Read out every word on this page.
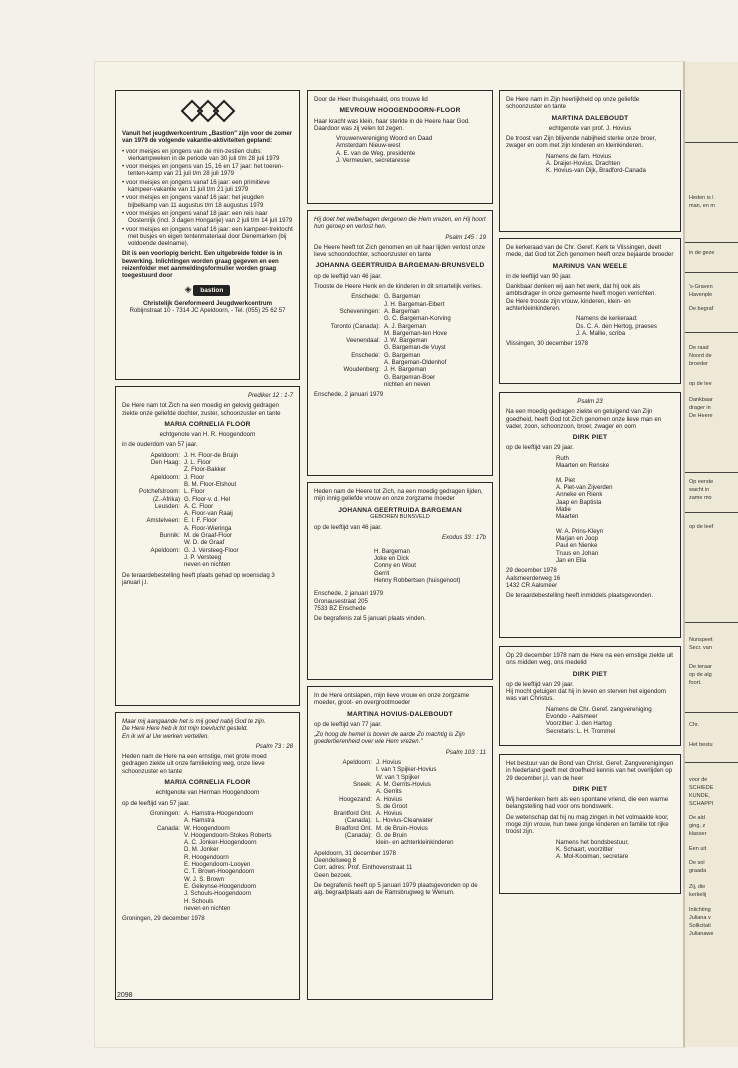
Vanuit het jeugdwerkcentrum „Bastion" zijn voor de zomer van 1979 de volgende vakantie-aktiviteiten gepland:

• voor meisjes en jongens van de min-zestien clubs: vierkampweken in de periode van 30 juli t/m 28 juli 1979
• voor meisjes en jongens van 15, 16 en 17 jaar: het toeren-tenten-kamp van 21 juli t/m 28 juli 1979
• voor meisjes en jongens vanaf 16 jaar: een primitieve kampeer-vakantie van 11 juli t/m 21 juli 1979
• voor meisjes en jongens vanaf 16 jaar: het jeugden bijbelkamp van 11 augustus t/m 18 augustus 1979
• voor meisjes en jongens vanaf 18 jaar: een reis naar Oostenrijk (incl. 3 dagen Hongarije) van 2 juli t/m 14 juli 1979
• voor meisjes en jongens vanaf 16 jaar: een kampeer-trektocht met busjes en eigen tentenmateriaal door Denemarken (bij voldoende deelname).

Dit is een voorlopig bericht. Een uitgebreide folder is in bewerking. Inlichtingen worden graag gegeven en een reizenfolder met aanmeldingsformulier worden graag toegestuurd door

◈ bastion

Christelijk Gereformeerd Jeugdwerkcentrum

Robijnstraat 10 - 7314 JC Apeldoorn, - Tel. (055) 25 62 57

Prediker 12 : 1-7

De Here nam tot Zich na een moedig en gelovig gedragen ziekte onze geliefde dochter, zuster, schoonzuster en tante

MARIA CORNELIA FLOOR

echtgenote van H. R. Hoogendoorn

in de ouderdom van 57 jaar.

Apeldoorn: J. H. Floor-de Bruijn
Den Haag: J. L. Floor
Z. Floor-Bakker
Apeldoorn: J. Floor
B. M. Floor-Elshout
Potchefstroom: L. Floor
(Z.-Afrika) G. Floor-v. d. Hel
Leusden: A. C. Floor
A. Floor-van Raaij
Amstelveen: E. I. F. Floor
A. Floor-Wieringa
Bunnik: M. de Graaf-Floor
W. D. de Graaf
Apeldoorn: G. J. Versteeg-Floor
J. P. Versteeg
neven en nichten

De teraardebestelling heeft plaats gehad op woensdag 3 januari j.l.

Maar mij aangaande het is mij goed nabij God te zijn.
De Here Here heb ik tot mijn toevlucht gesteld.
En ik wil al Uw werken vertellen.

Psalm 73 : 28

Heden nam de Here na een ernstige, met grote moed gedragen ziekte uit onze familiekring weg, onze lieve schoonzuster en tante

MARIA CORNELIA FLOOR

echtgenote van Herman Hoogendoorn

op de leeftijd van 57 jaar.

Groningen: A. Hamstra-Hoogendoorn
A. Hamstra
Canada: W. Hoogendoorn
V. Hoogendoorn-Stokes Roberts
A. C. Jonker-Hoogendoorn
D. M. Jonker
R. Hoogendoorn
E. Hoogendoorn-Looyen
C. T. Brown-Hoogendoorn
W. J. S. Brown
E. Geleynse-Hoogendoorn
J. Schouls-Hoogendoorn
H. Schouls
neven en nichten

Groningen, 29 december 1978

Door de Heer thuisgehaald, ons trouwe lid

MEVROUW HOOGENDOORN-FLOOR

Haar kracht was klein, haar sterkte in de Heere haar God.
Daardoor was zij velen tot zegen.

Vrouwenvereniging Woord en Daad
Amsterdam Nieuw-west
A. E. van de Weg, presidente
J. Vermeulen, secretaresse

Hij doet het welbehagen dergenen die Hem vrezen, en Hij hoort hun geroep en verlost hen.

Psalm 145 : 19

De Heere heeft tot Zich genomen en uit haar lijden verlost onze lieve schoondochter, schoonzuster en tante

JOHANNA GEERTRUIDA BARGEMAN-BRUNSVELD

op de leeftijd van 46 jaar.

Trooste de Heere Henk en de kinderen in dit smartelijk verlies.

Enschede: G. Bargeman
J. H. Bargeman-Elbert
Scheveningen: A. Bargeman
G. C. Bargeman-Korving
Toronto (Canada): A. J. Bargeman
M. Bargeman-ten Hove
Veenendaal: J. W. Bargeman
G. Bargeman-de Vuyst
Enschede: G. Bargeman
A. Bargeman-Oldenhof
Woudenberg: J. H. Bargeman
G. Bargeman-Boer
nichten en neven

Enschede, 2 januari 1979

Heden nam de Heere tot Zich, na een moedig gedragen lijden, mijn innig geliefde vrouw en onze zorgzame moeder

JOHANNA GEERTRUIDA BARGEMAN

GEBOREN BUNSVELD

op de leeftijd van 46 jaar.

Exodus 33 : 17b

H. Bargeman
Joke en Dick
Conny en Wout
Gerrit
Henny Robbertsen (huisgenoot)
Enschede, 2 januari 1979
Gronausestraat 205
7533 BZ Enschede

De begrafenis zal 5 januari plaats vinden.

In de Here ontslapen, mijn lieve vrouw en onze zorgzame moeder, groot- en overgrootmoeder

MARTINA HOVIUS-DALEBOUDT

op de leeftijd van 77 jaar.

„Zo hoog de hemel is boven de aarde Zo machtig is Zijn goedertierenheid over wie Hem vrezen."

Psalm 103 : 11

Apeldoorn: J. Hovius
I. van 't Spijker-Hovius
W. van 't Spijker
Sneek: A. M. Gerrits-Hovius
A. Gerrits
Hoogezand: A. Hovius
S. de Groot
Brantford Ont. A. Hovius
(Canada): L. Hovius-Clearwater
Bradford Ont. M. de Bruin-Hovius
(Canada): G. de Bruin
klein- en achterkleinkinderen
Apeldoorn, 31 december 1978
Deendelsweg 8
Corr. adres: Prof. Einthovenstraat 11
Geen bezoek.

De begrafenis heeft op 5 januari 1979 plaatsgevonden op de alg. begraafplaats aan de Ramsbrugweg te Wenum.

De Here nam in Zijn heerlijkheid op onze geliefde schoonzuster en tante

MARTINA DALEBOUDT

echtgenote van prof. J. Hovius

De troost van Zijn blijvende nabijheid sterke onze broer, zwager en oom met zijn kinderen en kleinkinderen.

Namens de fam. Hovius
A. Draijer-Hovius, Drachten
K. Hovius-van Dijk, Bradford-Canada

De kerkeraad van de Chr. Geref. Kerk te Vlissingen, deelt mede, dat God tot Zich genomen heeft onze bejaarde broeder

MARINUS VAN WEELE

in de leeftijd van 90 jaar.

Dankbaar denken wij aan het werk, dat hij ook als ambtsdrager in onze gemeente heeft mogen verrichten.
De Here trooste zijn vrouw, kinderen, klein- en achterkleinkinderen.

Namens de kerkeraad:
Ds. C. A. den Hertog, praeses
J. A. Mallie, scriba

Vlissingen, 30 december 1978

Psalm 23

Na een moedig gedragen ziekte en getuigend van Zijn goedheid, heeft God tot Zich genomen onze lieve man en vader, zoon, schoonzoon, broer, zwager en oom

DIRK PIET

op de leeftijd van 29 jaar.

Ruth
Maarten en Renske

M. Piet
A. Piet-van Zijverden
Anneke en Rienk
Jaap en Baptista
Matie
Maarten

W. A. Prins-Kleyn
Marjan en Joop
Paul en Nienke
Truus en Johan
Jan en Ella
29 december 1978
Aalsmeerderweg 16
1432 CR Aalsmeer

De teraardebestelling heeft inmiddels plaatsgevonden.

Op 29 december 1978 nam de Here na een ernstige ziekte uit ons midden weg, ons medelid

DIRK PIET

op de leeftijd van 29 jaar.

Hij mocht getuigen dat hij in leven en sterven het eigendom was van Christus.

Namens de Chr. Geref. zangvereniging
Evondo - Aalsmeer
Voorzitter: J. den Hartog
Secretaris: L. H. Trommel

Het bestuur van de Bond van Christ. Geref. Zangverenigingen in Nederland geeft met droefheid kennis van het overlijden op 29 december j.l. van de heer

DIRK PIET

Wij herdenken hem als een spontane vriend, die een warme belangstelling had voor ons bondswerk.

De wetenschap dat hij nu mag zingen in het volmaakte koor, moge zijn vrouw, hun twee jonge kinderen en familie tot rijke troost zijn.

Namens het bondsbestuur,
K. Schaart, voorzitter
A. Mol-Kooiman, secretare
2098
Heden is l
man, en m
in de geze
's-Graven
Havenple
De begraf
De raad
Noord de
broeder
op de lee
Dankbaar
drager in
De Heere
Op eerste
wacht in
zame mo
op de leef
Nunspeet
Secr. van
De teraar
op de alg
foort.
Chr.
Het bestu
voor de
SCHIEDE
KUNDE,
SCHAPPI
De ald
ging, z
klasser
Een uit
De sol
graada
Zij, die
kerkelij
Inlichting
Juliana v
Sollicitati
Julianawe
